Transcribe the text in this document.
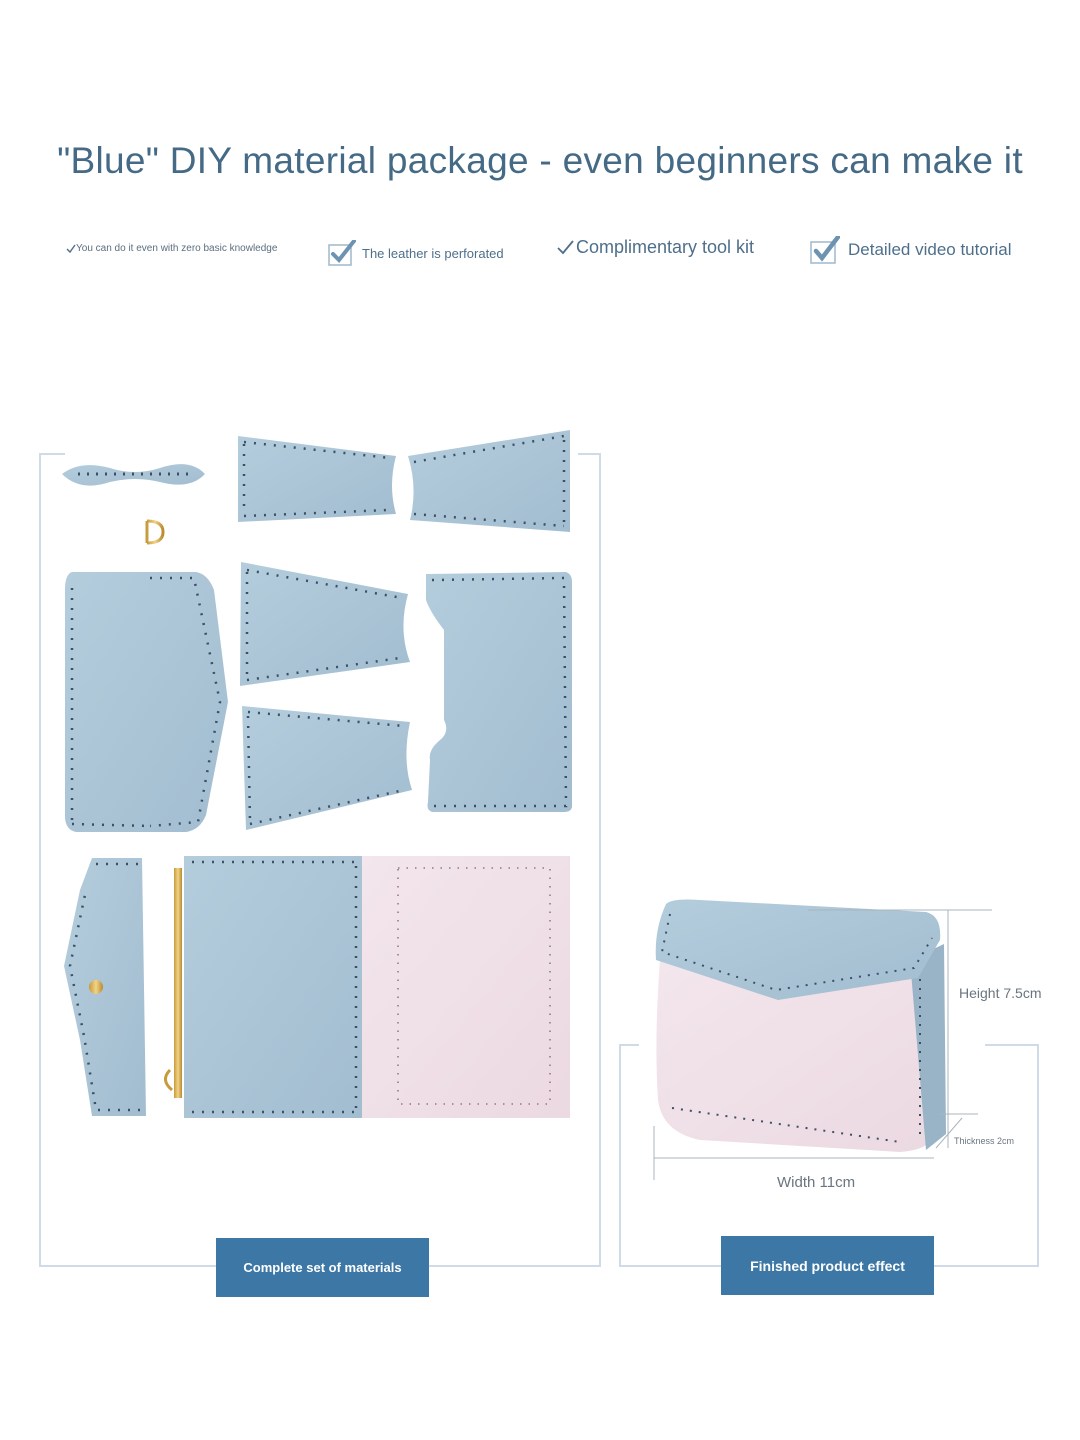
"Blue" DIY material package - even beginners can make it
You can do it even with zero basic knowledge	The leather is perforated	Complimentary tool kit	Detailed video tutorial
Height 7.5cm
Thickness 2cm
Width 11cm
Complete set of materials	Finished product effect
